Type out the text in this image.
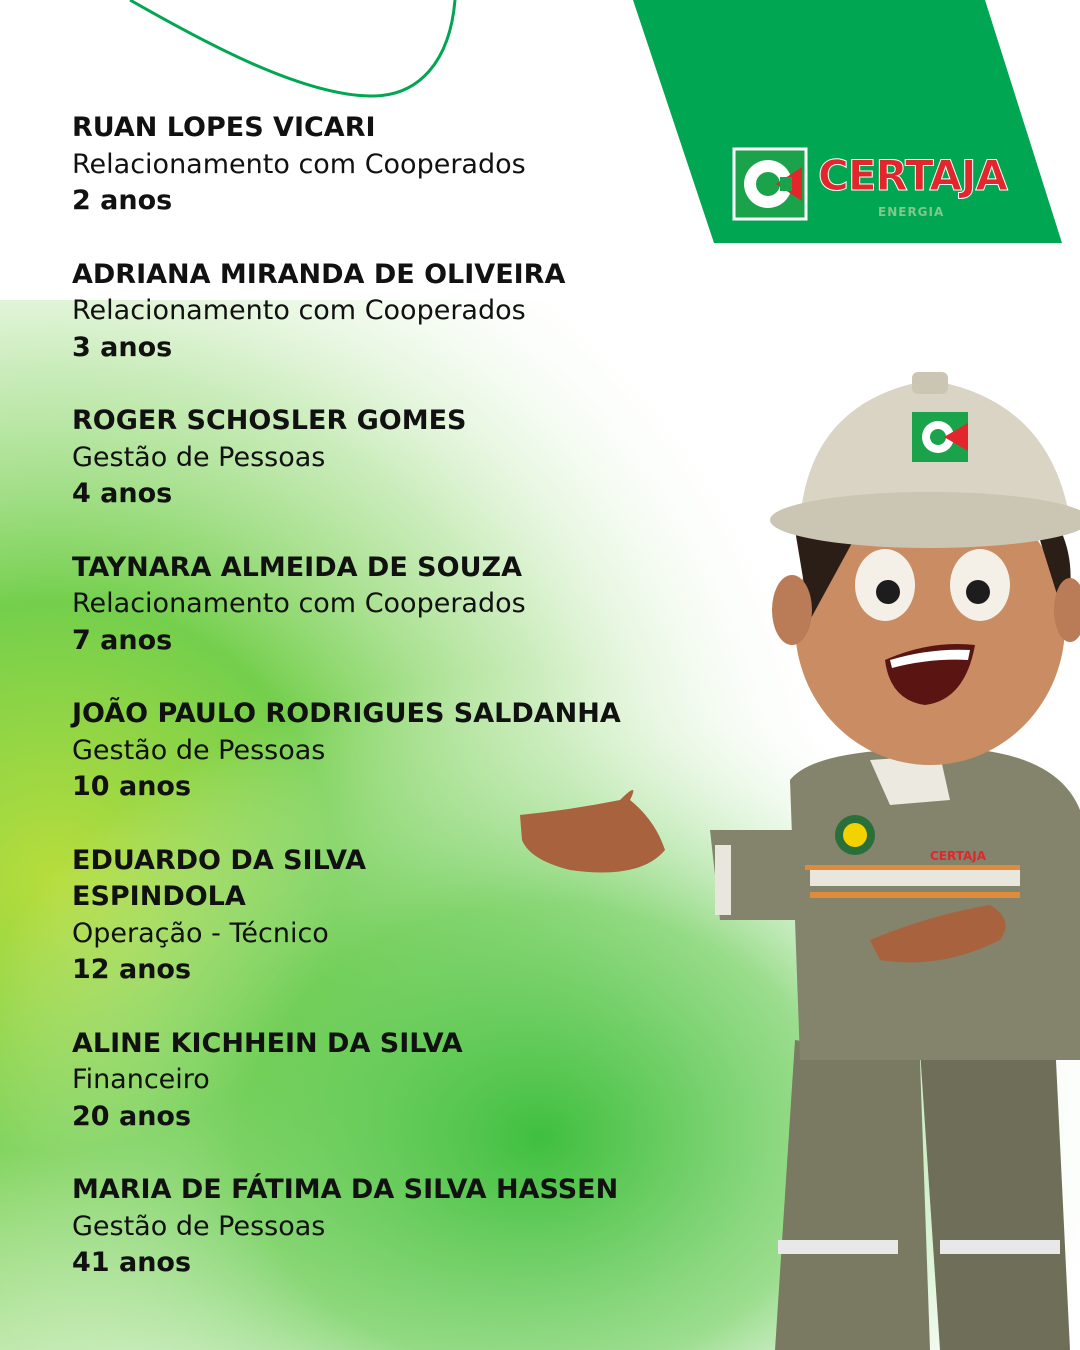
CERTAJA
ENERGIA
CERTAJA
RUAN LOPES VICARI
Relacionamento com Cooperados
2 anos
ADRIANA MIRANDA DE OLIVEIRA
Relacionamento com Cooperados
3 anos
ROGER SCHOSLER GOMES
Gestão de Pessoas
4 anos
TAYNARA ALMEIDA DE SOUZA
Relacionamento com Cooperados
7 anos
JOÃO PAULO RODRIGUES SALDANHA
Gestão de Pessoas
10 anos
EDUARDO DA SILVA ESPINDOLA
Operação - Técnico
12 anos
ALINE KICHHEIN DA SILVA
Financeiro
20 anos
MARIA DE FÁTIMA DA SILVA HASSEN
Gestão de Pessoas
41 anos
